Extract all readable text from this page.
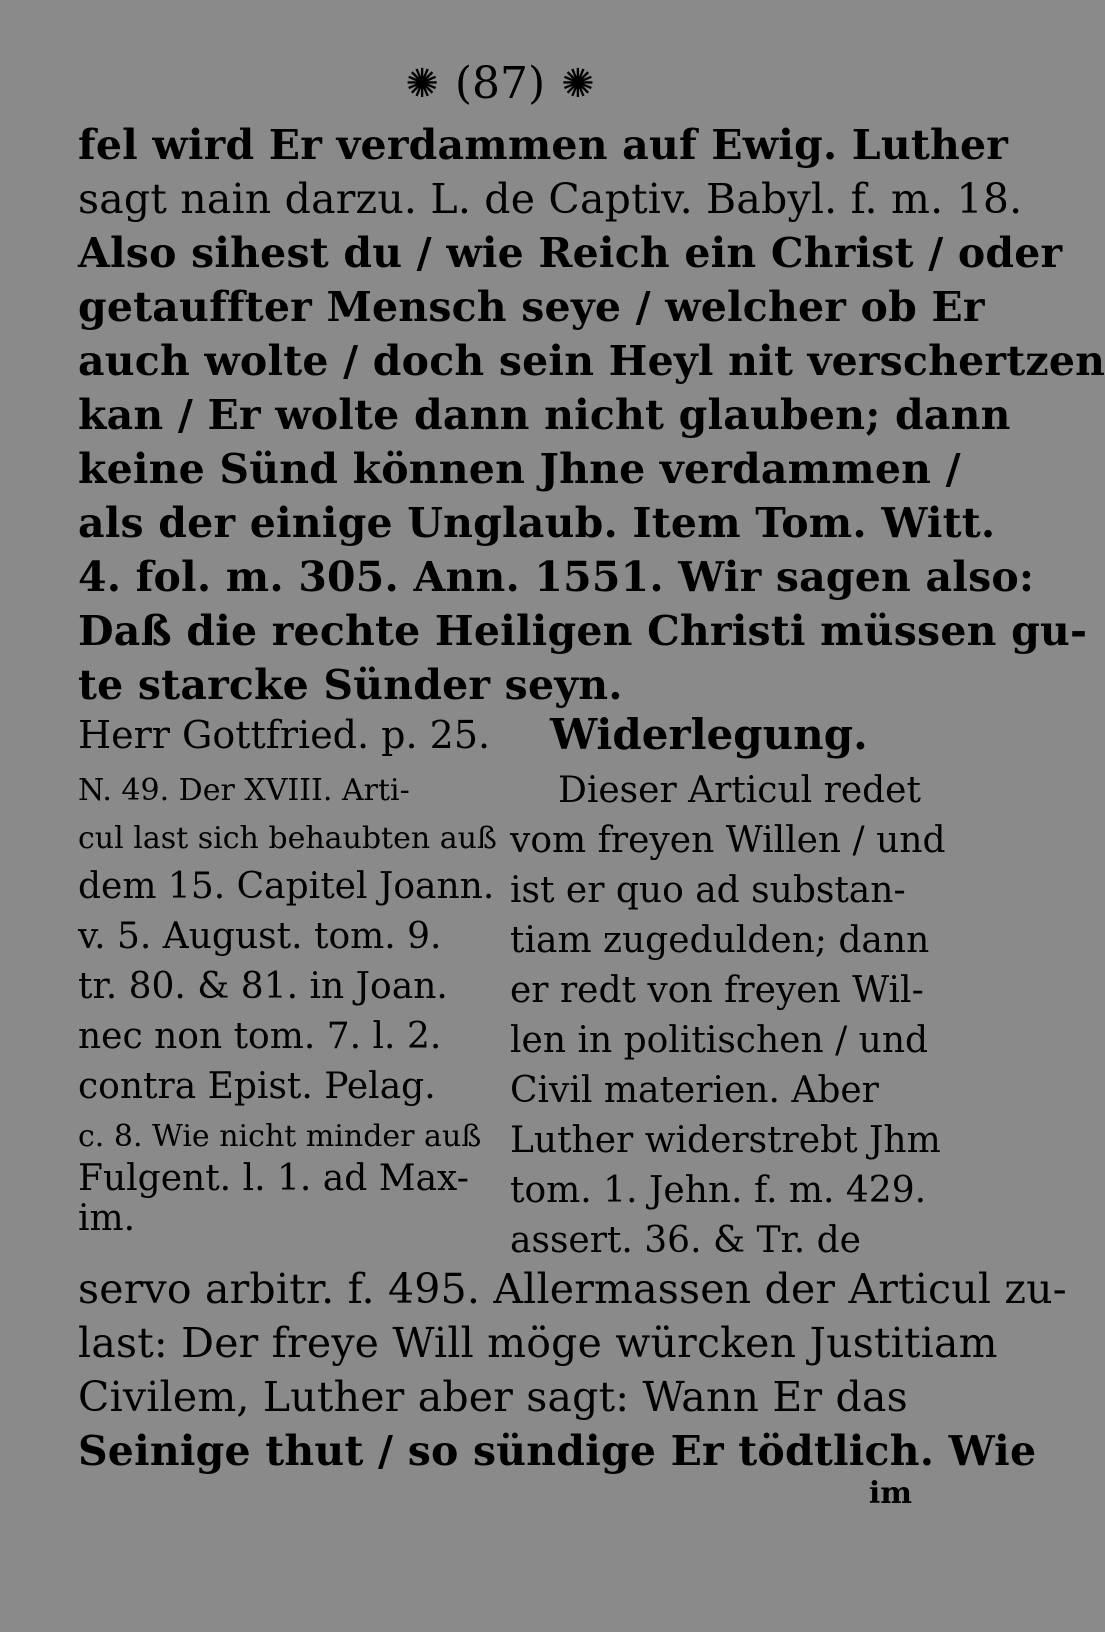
✺ (87) ✺
fel wird Er verdammen auf Ewig. Luther
sagt nain darzu. L. de Captiv. Babyl. f. m. 18.
Also sihest du / wie Reich ein Christ / oder
getauffter Mensch seye / welcher ob Er
auch wolte / doch sein Heyl nit verschertzen
kan / Er wolte dann nicht glauben; dann
keine Sünd können Jhne verdammen /
als der einige Unglaub. Item Tom. Witt.
4. fol. m. 305. Ann. 1551. Wir sagen also:
Daß die rechte Heiligen Christi müssen gu-
te starcke Sünder seyn.
Herr Gottfried. p. 25.
N. 49. Der XVIII. Arti-
cul last sich behaubten auß
dem 15. Capitel Joann.
v. 5. August. tom. 9.
tr. 80. & 81. in Joan.
nec non tom. 7. l. 2.
contra Epist. Pelag.
c. 8. Wie nicht minder auß
Fulgent. l. 1. ad Max-
im.
Widerlegung.
Dieser Articul redet
vom freyen Willen / und
ist er quo ad substan-
tiam zugedulden; dann
er redt von freyen Wil-
len in politischen / und
Civil materien. Aber
Luther widerstrebt Jhm
tom. 1. Jehn. f. m. 429.
assert. 36. & Tr. de
servo arbitr. f. 495. Allermassen der Articul zu-
last: Der freye Will möge würcken Justitiam
Civilem, Luther aber sagt: Wann Er das
Seinige thut / so sündige Er tödtlich. Wie
im
